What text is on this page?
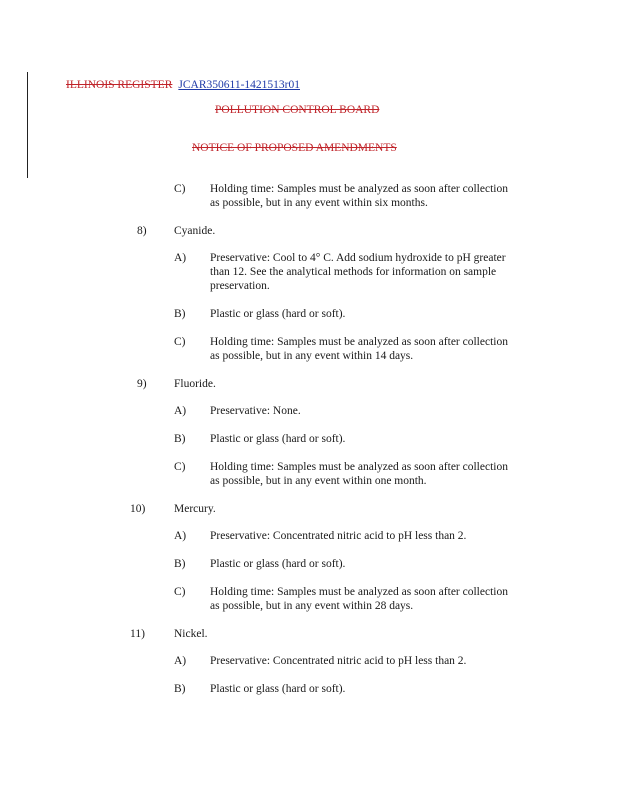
ILLINOIS REGISTER JCAR350611-1421513r01
POLLUTION CONTROL BOARD
NOTICE OF PROPOSED AMENDMENTS
C) Holding time: Samples must be analyzed as soon after collection
as possible, but in any event within six months.
8) Cyanide.
A) Preservative: Cool to 4° C. Add sodium hydroxide to pH greater
than 12. See the analytical methods for information on sample
preservation.
B) Plastic or glass (hard or soft).
C) Holding time: Samples must be analyzed as soon after collection
as possible, but in any event within 14 days.
9) Fluoride.
A) Preservative: None.
B) Plastic or glass (hard or soft).
C) Holding time: Samples must be analyzed as soon after collection
as possible, but in any event within one month.
10) Mercury.
A) Preservative: Concentrated nitric acid to pH less than 2.
B) Plastic or glass (hard or soft).
C) Holding time: Samples must be analyzed as soon after collection
as possible, but in any event within 28 days.
11)	Nickel.
A) Preservative: Concentrated nitric acid to pH less than 2.
B) Plastic or glass (hard or soft).
